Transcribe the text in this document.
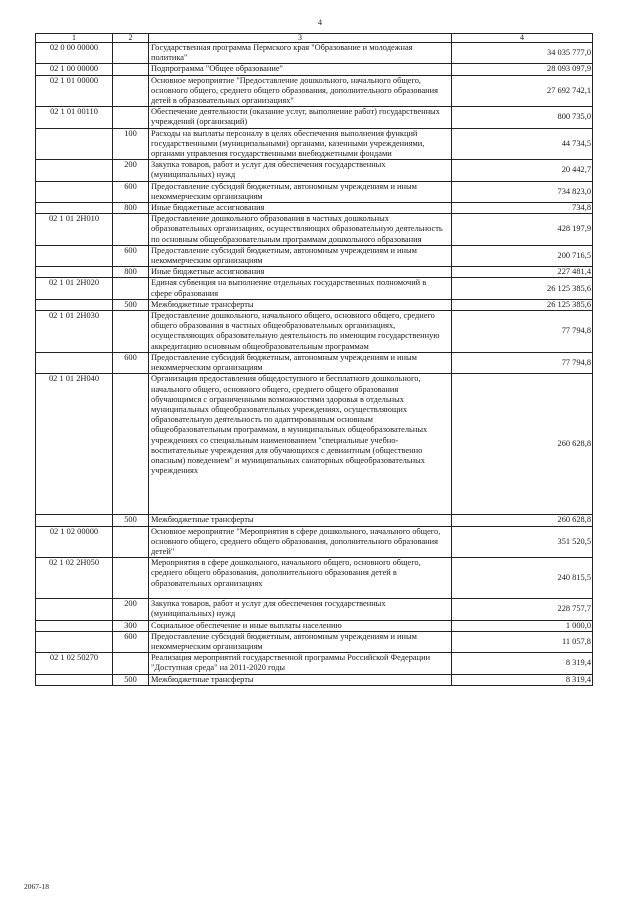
4
1	2	3	4
02 0 00 00000		Государственная программа Пермского края "Образование и молодежная политика"	34 035 777,0
02 1 00 00000		Подпрограмма "Общее образование"	28 093 097,9
02 1 01 00000		Основное мероприятие "Предоставление дошкольного, начального общего, основного общего, среднего общего образования, дополнительного образования детей в образовательных организациях"	27 692 742,1
02 1 01 00110		Обеспечение деятельности (оказание услуг, выполнение работ) государственных учреждений (организаций)	800 735,0
	100	Расходы на выплаты персоналу в целях обеспечения выполнения функций государственными (муниципальными) органами, казенными учреждениями, органами управления государственными внебюджетными фондами	44 734,5
	200	Закупка товаров, работ и услуг для обеспечения государственных (муниципальных) нужд	20 442,7
	600	Предоставление субсидий бюджетным, автономным учреждениям и иным некоммерческим организациям	734 823,0
	800	Иные бюджетные ассигнования	734,8
02 1 01 2Н010		Предоставление дошкольного образования в частных дошкольных образовательных организациях, осуществляющих образовательную деятельность по основным общеобразовательным программам дошкольного образования	428 197,9
	600	Предоставление субсидий бюджетным, автономным учреждениям и иным некоммерческим организациям	200 716,5
	800	Иные бюджетные ассигнования	227 481,4
02 1 01 2Н020		Единая субвенция на выполнение отдельных государственных полномочий в сфере образования	26 125 385,6
	500	Межбюджетные трансферты	26 125 385,6
02 1 01 2Н030		Предоставление дошкольного, начального общего, основного общего, среднего общего образования в частных общеобразовательных организациях, осуществляющих образовательную деятельность по имеющим государственную аккредитацию основным общеобразовательным программам	77 794,8
	600	Предоставление субсидий бюджетным, автономным учреждениям и иным некоммерческим организациям	77 794,8
02 1 01 2Н040		Организация предоставления общедоступного и бесплатного дошкольного, начального общего, основного общего, среднего общего образования обучающимся с ограниченными возможностями здоровья в отдельных муниципальных общеобразовательных учреждениях, осуществляющих образовательную деятельность по адаптированным основным общеобразовательным программам, в муниципальных общеобразовательных учреждениях со специальным наименованием "специальные учебно-воспитательные учреждения для обучающихся с девиантным (общественно опасным) поведением" и муниципальных санаторных общеобразовательных учреждениях	260 628,8
	500	Межбюджетные трансферты	260 628,8
02 1 02 00000		Основное мероприятие "Мероприятия в сфере дошкольного, начального общего, основного общего, среднего общего образования, дополнительного образования детей"	351 520,5
02 1 02 2Н050		Мероприятия в сфере дошкольного, начального общего, основного общего, среднего общего образования, дополнительного образования детей в образовательных организациях	240 815,5
	200	Закупка товаров, работ и услуг для обеспечения государственных (муниципальных) нужд	228 757,7
	300	Социальное обеспечение и иные выплаты населению	1 000,0
	600	Предоставление субсидий бюджетным, автономным учреждениям и иным некоммерческим организациям	11 057,8
02 1 02 50270		Реализация мероприятий государственной программы Российской Федерации "Доступная среда" на 2011-2020 годы	8 319,4
	500	Межбюджетные трансферты	8 319,4
2067-18
